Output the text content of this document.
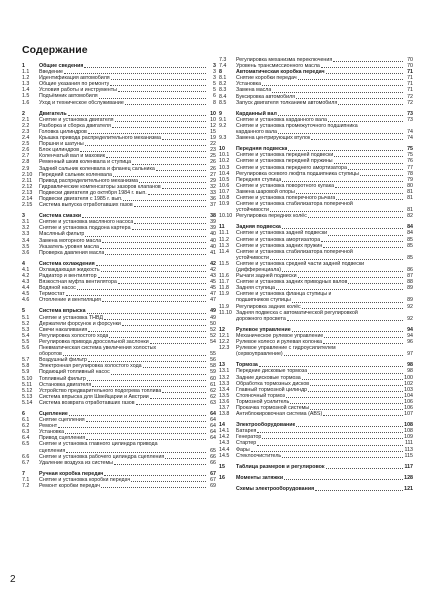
Содержание
1	Общие сведения	3
1.1	Введение	3
1.2	Идентификация автомобиля	3
1.3	Общие указания по ремонту	5
1.4	Условия работы и инструменты	5
1.5	Подъёмник автомобиля	6
1.6	Уход и техническое обслуживание	8
2	Двигатель	10
2.1	Снятие и установка двигателя	10
2.2	Разборка и сборка двигателя	12
2.3	Головка цилиндров	15
2.4	Крышка привода распределительного механизма	19
2.5	Поршни и шатуны	22
2.6	Блок цилиндров	23
2.7	Коленчатый вал и маховик	25
2.8	Ременный шкив коленвала и ступица	26
2.9	Задний сальник коленвала и фланец сальника	26
2.10	Передний сальник коленвала	27
2.11	Привод распределительного механизма	29
2.12	Гидравлические компенсаторы зазоров клапанов	32
2.13	Подвески двигателя до октября 1984 г. вып.	33
2.14	Подвески двигателя с 1985 г. вып.	36
2.15	Система выпуска отработавших газов	37
3	Система смазки	38
3.1	Снятие и установка масляного насоса	39
3.2	Снятие и установка поддона картера	39
3.3	Масляный фильтр	40
3.4	Замена моторного масла	40
3.5	Указатель уровня масла	40
3.6	Проверка давления масла	41
4	Система охлаждения	42
4.1	Охлаждающая жидкость	42
4.2	Радиатор и вентилятор	43
4.3	Вязкостная муфта вентилятора	45
4.4	Водяной насос	45
4.5	Термостат	47
4.6	Отопление и вентиляция	47
5	Система впрыска	49
5.1	Снятие и установка ТНВД	49
5.2	Держатели форсунок и форсунки	50
5.3	Свечи накаливания	52
5.4	Регулировка холостого хода	52
5.5	Регулировка привода дроссельной заслонки	54
5.6	Пневматическая система увеличения холостых
оборотов	55
5.7	Воздушный фильтр	56
5.8	Электронная регулировка холостого хода	58
5.9	Подающий топливный насос	59
5.10	Топливный фильтр	60
5.11	Остановка двигателя	61
5.12	Устройство предварительного подогрева топлива	62
5.13	Система впрыска для Швейцарии и Австрии	62
5.14	Система возврата отработавших газов	63
6	Сцепление	64
6.1	Снятие сцепления	64
6.2	Ремонт	64
6.3	Установка	64
6.4	Привод сцепления	64
6.5	Снятие и установка главного цилиндра привода
сцепления	65
6.6	Снятие и установка рабочего цилиндра сцепления	66
6.7	Удаление воздуха из системы	66
7	Ручная коробка передач	67
7.1	Снятие и установка коробки передач	67
7.2	Ремонт коробки передач	69
7.3	Регулировка механизма переключения	70
7.4	Уровень трансмиссионного масла	70
8	Автоматическая коробка передач	71
8.1	Снятие коробки передач	71
8.2	Установка	71
8.3	Замена масла	71
8.4	Буксировка автомобиля	72
8.5	Запуск двигателя толканием автомобиля	72
9	Карданный вал	73
9.1	Снятие и установка карданного вала	73
9.2	Снятие и установка промежуточного подшипника
карданного вала	74
9.3	Замена центрирующих втулок	74
10	Передняя подвеска	75
10.1	Снятие и установка передней подвески	75
10.2	Снятие и установка передней пружины	76
10.3	Снятие и установка переднего амортизатора	77
10.4	Регулировка осевого люфта подшипника ступицы	78
10.5	Передняя ступица	79
10.6	Снятие и установка поворотного кулака	80
10.7	Замена шаровой опоры	81
10.8	Снятие и установка поперечного рычага	81
10.9	Снятие и установка стабилизатора поперечной
устойчивости	81
10.10 Регулировка передних колёс	82
11	Задняя подвеска	84
11.1	Снятие и установка задней подвески	84
11.2	Снятие и установка амортизатора	85
11.3	Снятие и установка задних пружин	85
11.4	Снятие и установка стабилизатора поперечной
устойчивости	85
11.5	Снятие и установка средней части задней подвески
(дифференциала)	86
11.6	Рычаги задней подвески	87
11.7	Снятие и установка задних приводных валов	88
11.8	Задняя ступица	89
11.9	Снятие и установка фланца ступицы и
подшипников ступицы	89
11.9	Регулировка задних колёс	92
11.10 Задняя подвеска с автоматической регулировкой
дорожного просвета	92
12	Рулевое управление	94
12.1	Механическое рулевое управление	94
12.2	Рулевое колесо и рулевая колонка	96
12.3	Рулевое управление с гидроусилителем
(сервоуправление)	97
13	Тормоза	98
13.1	Передние дисковые тормоза	98
13.2	Задние дисковые тормоза	100
13.3	Обработка тормозных дисков	102
13.4	Главный тормозной цилиндр	103
13.5	Стояночный тормоз	104
13.6	Тормозной усилитель	106
13.7	Прокачка тормозной системы	106
13.8	Антиблокировочная система (ABS)	107
14	Электрооборудование	108
14.1	Батарея	108
14.2	Генератор	109
14.3	Стартер	111
14.4	Фары	113
14.5	Стеклоочиститель	115
15	Таблица размеров и регулировок	117
16	Моменты затяжки	128
Схемы электрооборудования	121
2
